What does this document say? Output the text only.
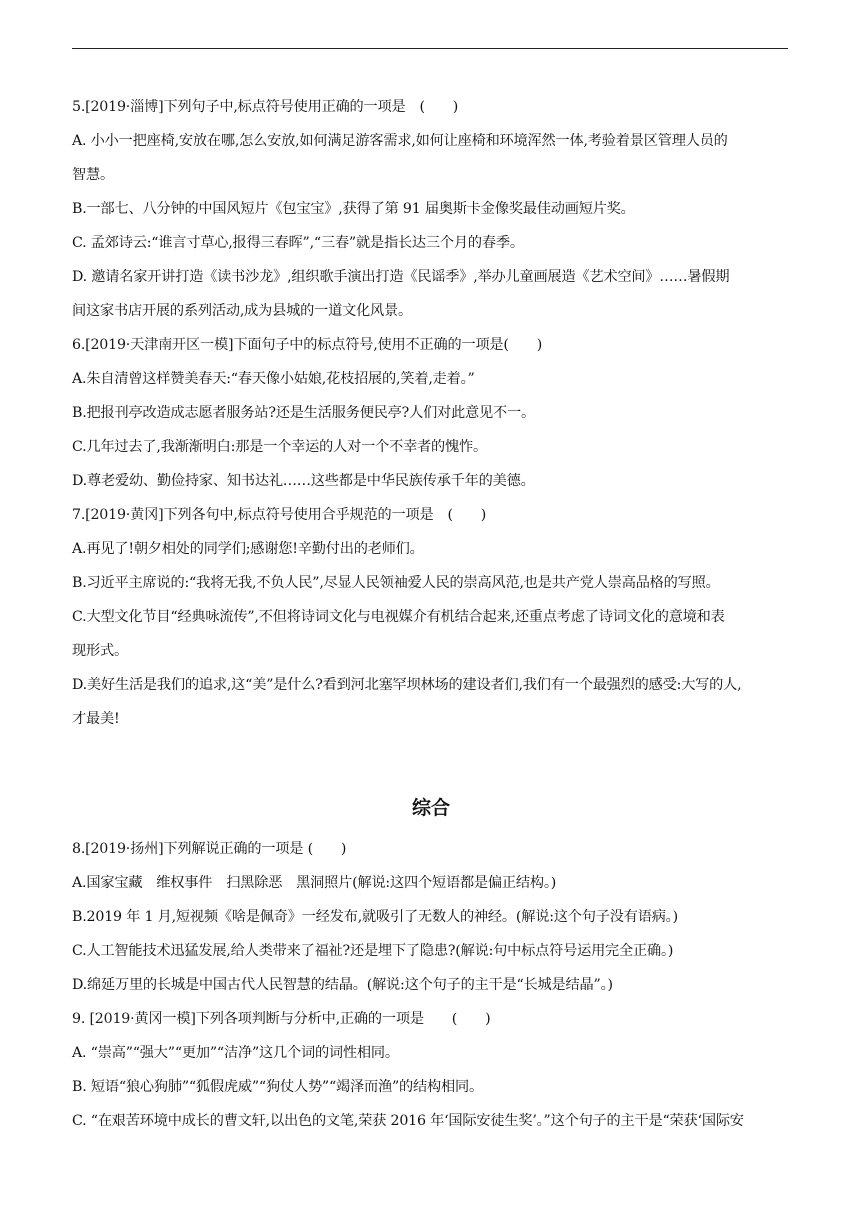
5.[2019·淄博]下列句子中,标点符号使用正确的一项是　(　　)
A. 小小一把座椅,安放在哪,怎么安放,如何满足游客需求,如何让座椅和环境浑然一体,考验着景区管理人员的
智慧。
B.一部七、八分钟的中国风短片《包宝宝》,获得了第 91 届奥斯卡金像奖最佳动画短片奖。
C. 孟郊诗云:“谁言寸草心,报得三春晖”,“三春”就是指长达三个月的春季。
D. 邀请名家开讲打造《读书沙龙》,组织歌手演出打造《民谣季》,举办儿童画展造《艺术空间》……暑假期
间这家书店开展的系列活动,成为县城的一道文化风景。
6.[2019·天津南开区一模]下面句子中的标点符号,使用不正确的一项是(　　)
A.朱自清曾这样赞美春天:“春天像小姑娘,花枝招展的,笑着,走着。”
B.把报刊亭改造成志愿者服务站?还是生活服务便民亭?人们对此意见不一。
C.几年过去了,我渐渐明白:那是一个幸运的人对一个不幸者的愧怍。
D.尊老爱幼、勤俭持家、知书达礼……这些都是中华民族传承千年的美德。
7.[2019·黄冈]下列各句中,标点符号使用合乎规范的一项是　(　　)
A.再见了!朝夕相处的同学们;感谢您!辛勤付出的老师们。
B.习近平主席说的:“我将无我,不负人民”,尽显人民领袖爱人民的崇高风范,也是共产党人崇高品格的写照。
C.大型文化节目“经典咏流传”,不但将诗词文化与电视媒介有机结合起来,还重点考虑了诗词文化的意境和表
现形式。
D.美好生活是我们的追求,这“美”是什么?看到河北塞罕坝林场的建设者们,我们有一个最强烈的感受:大写的人,
才最美!
综合
8.[2019·扬州]下列解说正确的一项是 (　　)
A.国家宝藏　维权事件　扫黑除恶　黑洞照片(解说:这四个短语都是偏正结构。)
B.2019 年 1 月,短视频《啥是佩奇》一经发布,就吸引了无数人的神经。(解说:这个句子没有语病。)
C.人工智能技术迅猛发展,给人类带来了福祉?还是埋下了隐患?(解说:句中标点符号运用完全正确。)
D.绵延万里的长城是中国古代人民智慧的结晶。(解说:这个句子的主干是“长城是结晶”。)
9. [2019·黄冈一模]下列各项判断与分析中,正确的一项是　　(　　)
A. “崇高”“强大”“更加”“洁净”这几个词的词性相同。
B. 短语“狼心狗肺”“狐假虎威”“狗仗人势”“竭泽而渔”的结构相同。
C. “在艰苦环境中成长的曹文轩,以出色的文笔,荣获 2016 年‘国际安徒生奖’。”这个句子的主干是“荣获‘国际安
